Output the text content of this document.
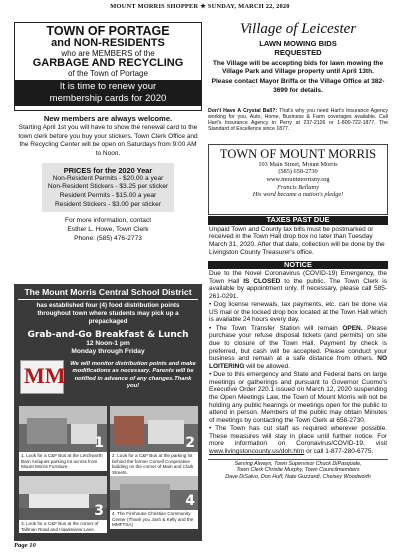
MOUNT MORRIS SHOPPER ★ SUNDAY, MARCH 22, 2020
TOWN OF PORTAGE
and NON-RESIDENTS
who are MEMBERS of the
GARBAGE AND RECYCLING
of the Town of Portage
It is time to renew your
membership cards for 2020
New members are always welcome.
Starting April 1st you will have to show the renewal card to the town clerk before you buy your stickers. Town Clerk Office and the Recycling Center will be open on Saturdays from 9:00 AM to Noon.
PRICES for the 2020 Year
Non-Resident Permits - $20.00 a year
Non-Resident Stickers - $3.25 per sticker
Resident Permits - $15.00 a year
Resident Stickers - $3.00 per sticker
For more information, contact
Esther L. Howe, Town Clerk
Phone: (585) 476-2773
The Mount Morris Central School District
has established four (4) food distribution points throughout town where students may pick up a prepackaged
Grab-and-Go Breakfast & Lunch
12 Noon-1 pm
Monday through Friday
MM We will monitor distribution points and make modifications as necessary. Parents will be notified in advance of any changes.Thank you!
1
1. Look for a C&F Bus at the Letchworth Barn Antiques parking lot across from Mount Morris Furniture.
2
2. Look for a C&F Bus at the parking lot behind the former Cornell Cooperative building on the corner of Main and Clark Streets.
3
3. Look for a C&F Bus at the corner of Tallman Road and Hawksview Lane.
4
4. The Firehouse Christian Community Center (Thank you Josh & Kelly and the MMFTSA)
Page 10
Village of Leicester
LAWN MOWING BIDS
REQUESTED
The Village will be accepting bids for lawn mowing the Village Park and Village property until April 13th.
Please contact Mayor Briffa or the Village Office at 382-3699 for details.
Don't Have A Crystal Ball?: That's why you need Hart's Insurance Agency working for you. Auto, Home, Business & Farm coverages available. Call Hart's Insurance Agency in Perry at 237-2126 or 1-800-722-1877. The Standard of Excellence since 1877.
TOWN OF MOUNT MORRIS
103 Main Street, Mount Morris
(585) 658-2730
www.mountmorrisny.org
Francis Bellamy
His word became a nation's pledge!
TAXES PAST DUE
Unpaid Town and County tax bills must be postmarked or received in the Town Hall drop box no later than Tuesday March 31, 2020. After that date, collection will be done by the Livingston County Treasurer's office.
NOTICE

Due to the Novel Coronavirus (COVID-19) Emergency, the Town Hall IS CLOSED to the public. The Town Clerk is available by appointment only. If necessary, please call 585-261-0291.

• Dog license renewals, tax payments, etc. can be done via US mail or the locked drop box located at the Town Hall which is available 24 hours every day.

• The Town Transfer Station will remain OPEN. Please purchase your refuse disposal tickets (and permits) on site due to closure of the Town Hall. Payment by check is preferred, but cash will be accepted. Please conduct your business and remain at a safe distance from others. NO LOITERING will be allowed.

• Due to this emergency and State and Federal bans on large meetings or gatherings and pursuant to Governor Cuomo's Executive Order 220.1 issued on March 12, 2020 suspending the Open Meetings Law, the Town of Mount Morris will not be holding any public hearings or meetings open for the public to attend in person. Members of the public may obtain Minutes of meetings by contacting the Town Clerk at 658-2730.

• The Town has cut staff as required wherever possible. These measures will stay in place until further notice. For more information on Coronavirus/COVID-19, visit www.livingstoncounty.us/doh.htm or call 1-877-280-6775.

Serving Always, Town Supervisor Chuck DiPasquale,
Town Clerk Christie Murphy, Town Councilmembers
Dave DiSalvo, Don Huff, Nate Guzzardi, Chelsey Woodworth
